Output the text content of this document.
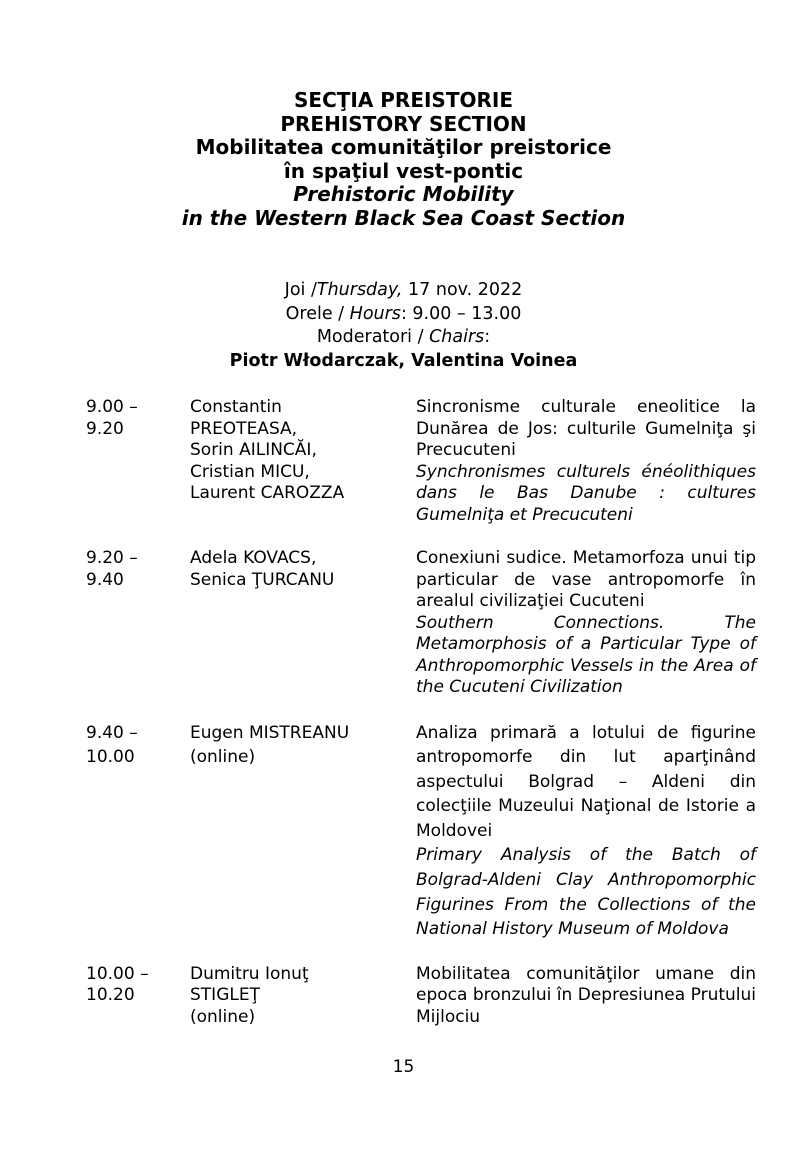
SECŢIA PREISTORIE
PREHISTORY SECTION
Mobilitatea comunităţilor preistorice
în spaţiul vest-pontic
Prehistoric Mobility
in the Western Black Sea Coast Section
Joi /Thursday, 17 nov. 2022
Orele / Hours: 9.00 – 13.00
Moderatori / Chairs:
Piotr Włodarczak, Valentina Voinea
9.00 –
9.20
Constantin
PREOTEASA,
Sorin AILINCĂI,
Cristian MICU,
Laurent CAROZZA
Sincronisme culturale eneolitice la Dunărea de Jos: culturile Gumelniţa şi Precucuteni
Synchronismes culturels énéolithiques dans le Bas Danube : cultures Gumelniţa et Precucuteni
9.20 –
9.40
Adela KOVACS,
Senica ŢURCANU
Conexiuni sudice. Metamorfoza unui tip particular de vase antropomorfe în arealul civilizaţiei Cucuteni
Southern Connections. The Metamorphosis of a Particular Type of Anthropomorphic Vessels in the Area of the Cucuteni Civilization
9.40 –
10.00
Eugen MISTREANU
(online)
Analiza primară a lotului de figurine antropomorfe din lut aparţinând aspectului Bolgrad – Aldeni din colecţiile Muzeului Naţional de Istorie a Moldovei
Primary Analysis of the Batch of Bolgrad-Aldeni Clay Anthropomorphic Figurines From the Collections of the National History Museum of Moldova
10.00 –
10.20
Dumitru Ionuţ
STIGLEŢ
(online)
Mobilitatea comunităţilor umane din epoca bronzului în Depresiunea Prutului Mijlociu
15
